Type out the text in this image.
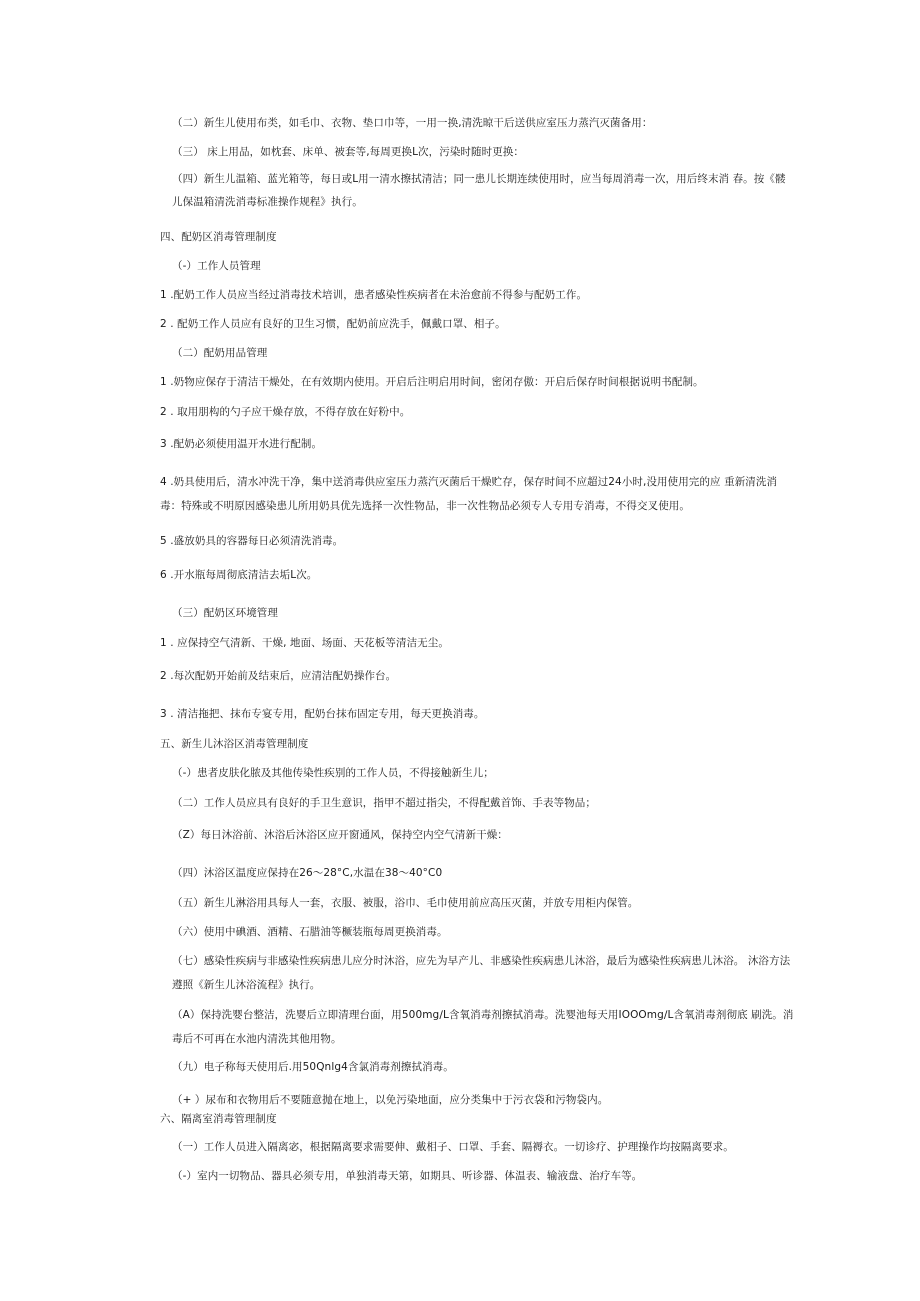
（二）新生儿使用布类，如毛巾、衣物、垫口巾等，一用一换,清洗晾干后送供应室压力蒸汽灭菌备用：
（三） 床上用品，如枕套、床单、被套等,每周更换L次，污染时随时更换：
（四）新生儿温箱、蓝光箱等，每日或L用一清水擦拭清洁；同一患儿长期连续使用时，应当每周消毒一次，用后终末消 春。按《髅儿保温箱清洗消毒标准操作规程》执行。
四、配奶区消毒管理制度
（-）工作人员管理
1 .配奶工作人员应当经过消毒技术培训，患者感染性疾病者在未治愈前不得参与配奶工作。
2 . 配奶工作人员应有良好的卫生习惯，配奶前应洗手，佩戴口罩、相子。
（二）配奶用品管理
1 .奶物应保存于清洁干燥处，在有效期内使用。开启后注明启用时间，密闭存傲：开启后保存时间根据说明书配制。
2 . 取用朋构的勺子应干燥存放，不得存放在好粉中。
3 .配奶必须使用温开水进行配制。
4 .奶具使用后，清水冲洗干净，集中送消毒供应室压力蒸汽灭菌后干燥贮存，保存时间不应超过24小时,没用使用完的应 重新清洗消毒：特殊或不明原因感染患儿所用奶具优先选择一次性物品，非一次性物品必须专人专用专消毒，不得交叉使用。
5 .盛放奶具的容器每日必须清洗消毒。
6 .开水瓶每周彻底清洁去垢L次。
（三）配奶区环境管理
1 . 应保持空气清新、干燥, 地面、场面、天花板等清洁无尘。
2 .每次配奶开始前及结束后，应清洁配奶操作台。
3 . 清洁拖把、抹布专宴专用，配奶台抹布固定专用，每天更换消毒。
五、新生儿沐浴区消毒管理制度
（-）患者皮肤化脓及其他传染性疾别的工作人员，不得接触新生儿；
（二）工作人员应具有良好的手卫生意识，指甲不超过指尖，不得配戴首饰、手表等物品；
（Z）每日沐浴前、沐浴后沐浴区应开窗通风，保持空内空气清新干燥：
（四）沐浴区温度应保持在26～28°C,水温在38～40°C0
（五）新生儿淋浴用具每人一套，衣服、被服，浴巾、毛巾使用前应高压灭菌，并放专用柜内保管。
（六）使用中碘酒、酒精、石腊油等橛装瓶每周更换消毒。
（七）感染性疾病与非感染性疾病患儿应分时沐浴，应先为早产儿、非感染性疾病患儿沐浴，最后为感染性疾病患儿沐浴。 沐浴方法遵照《新生儿沐浴流程》执行。
（A）保持洗婴台整洁，洗婴后立即清理台面，用500mg∕L含氧消毒剂擦拭消毒。洗婴池每天用IOOOmg∕L含氧消毒剂彻底 刷洗。消毒后不可再在水池内清洗其他用物。
（九）电子称每天使用后.用50Qnlg4含氯消毒剂擦拭消毒。
（+ ）尿布和衣物用后不要随意抛在地上，以免污染地面，应分类集中于污衣袋和污物袋内。
六、隔离室消毒管理制度
（一）工作人员进入隔离宓，根据隔离要求需要伸、戴相子、口罩、手套、隔褥衣。一切诊疗、护理操作均按隔离要求。
（-）室内一切物品、器具必须专用，单独消毒天第，如期具、听诊器、体温表、输液盘、治疗车等。
